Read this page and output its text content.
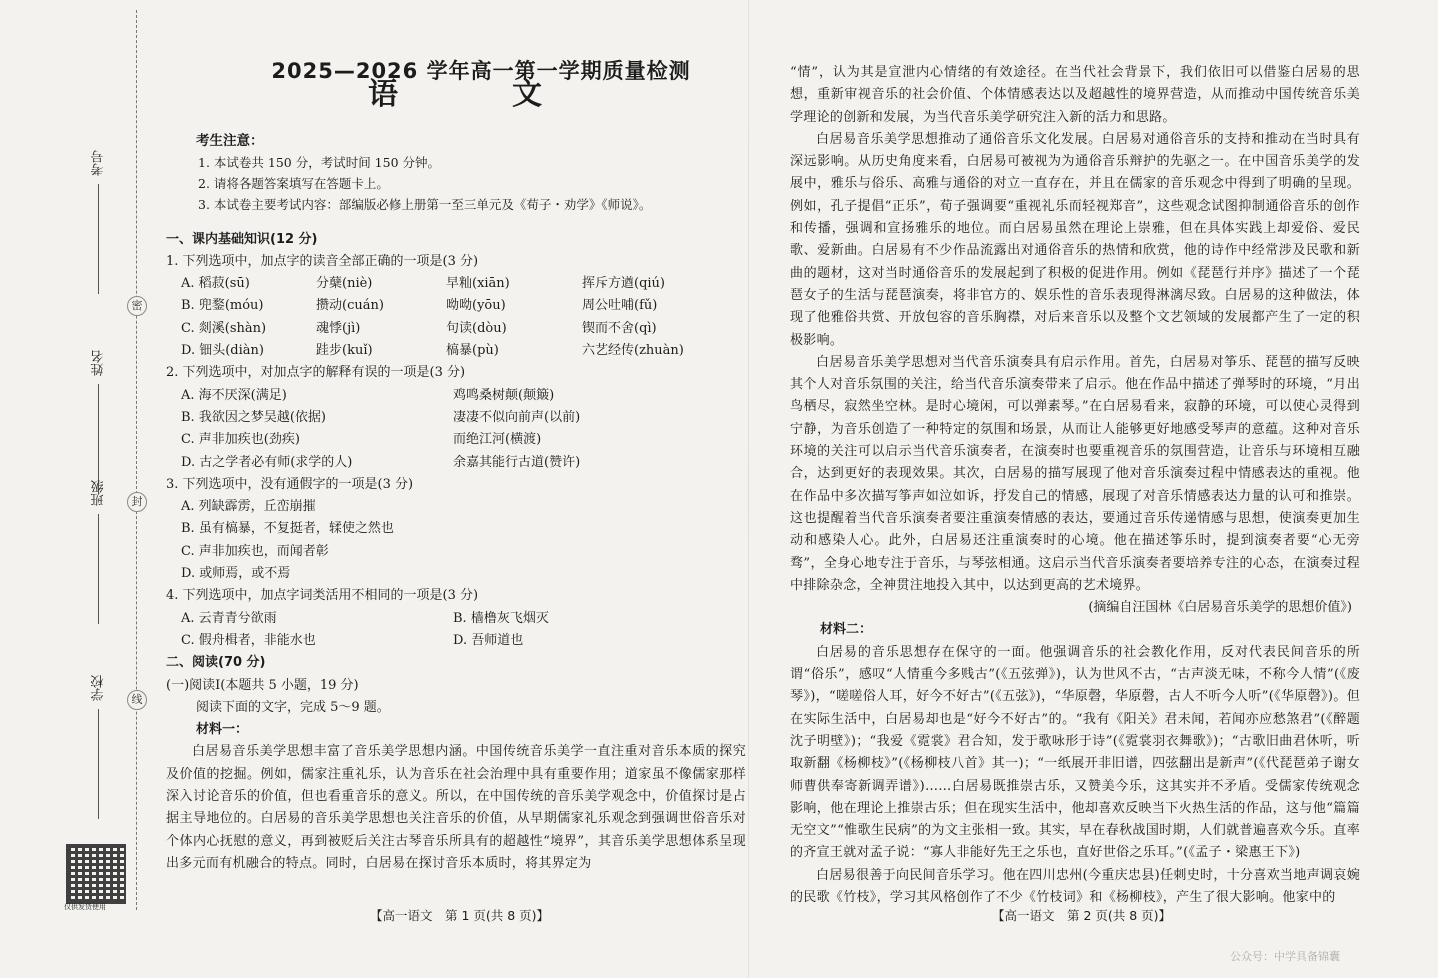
密
封
线
考号
姓名
班级
学校
仅供发货使用
2025—2026 学年高一第一学期质量检测
语　文
考生注意：
1. 本试卷共 150 分，考试时间 150 分钟。
2. 请将各题答案填写在答题卡上。
3. 本试卷主要考试内容：部编版必修上册第一至三单元及《荀子・劝学》《师说》。
一、课内基础知识(12 分)
1. 下列选项中，加点字的读音全部正确的一项是(3 分)
A. 稻菽(sū)	分蘖(niè)	早籼(xiān)	挥斥方遒(qiú)
B. 兜鍪(móu)	攒动(cuán)	呦呦(yōu)	周公吐哺(fǔ)
C. 剡溪(shàn)	魂悸(jì)	句读(dòu)	锲而不舍(qì)
D. 钿头(diàn)	跬步(kuǐ)	槁暴(pù)	六艺经传(zhuàn)
2. 下列选项中，对加点字的解释有误的一项是(3 分)
A. 海不厌深(满足)	鸡鸣桑树颠(颠簸)
B. 我欲因之梦吴越(依据)	凄凄不似向前声(以前)
C. 声非加疾也(劲疾)	而绝江河(横渡)
D. 古之学者必有师(求学的人)	余嘉其能行古道(赞许)
3. 下列选项中，没有通假字的一项是(3 分)
A. 列缺霹雳，丘峦崩摧
B. 虽有槁暴，不复挺者，𫐓使之然也
C. 声非加疾也，而闻者彰
D. 或师焉，或不焉
4. 下列选项中，加点字词类活用不相同的一项是(3 分)
A. 云青青兮欲雨	B. 樯橹灰飞烟灭
C. 假舟楫者，非能水也	D. 吾师道也
二、阅读(70 分)
(一)阅读Ⅰ(本题共 5 小题，19 分)
阅读下面的文字，完成 5～9 题。
材料一：
白居易音乐美学思想丰富了音乐美学思想内涵。中国传统音乐美学一直注重对音乐本质的探究及价值的挖掘。例如，儒家注重礼乐，认为音乐在社会治理中具有重要作用；道家虽不像儒家那样深入讨论音乐的价值，但也看重音乐的意义。所以，在中国传统的音乐美学观念中，价值探讨是占据主导地位的。白居易的音乐美学思想也关注音乐的价值，从早期儒家礼乐观念到强调世俗音乐对个体内心抚慰的意义，再到被贬后关注古琴音乐所具有的超越性“境界”，其音乐美学思想体系呈现出多元而有机融合的特点。同时，白居易在探讨音乐本质时，将其界定为
【高一语文　第 1 页(共 8 页)】
“情”，认为其是宣泄内心情绪的有效途径。在当代社会背景下，我们依旧可以借鉴白居易的思想，重新审视音乐的社会价值、个体情感表达以及超越性的境界营造，从而推动中国传统音乐美学理论的创新和发展，为当代音乐美学研究注入新的活力和思路。
白居易音乐美学思想推动了通俗音乐文化发展。白居易对通俗音乐的支持和推动在当时具有深远影响。从历史角度来看，白居易可被视为为通俗音乐辩护的先驱之一。在中国音乐美学的发展中，雅乐与俗乐、高雅与通俗的对立一直存在，并且在儒家的音乐观念中得到了明确的呈现。例如，孔子提倡“正乐”，荀子强调要“重视礼乐而轻视郑音”，这些观念试图抑制通俗音乐的创作和传播，强调和宣扬雅乐的地位。而白居易虽然在理论上崇雅，但在具体实践上却爱俗、爱民歌、爱新曲。白居易有不少作品流露出对通俗音乐的热情和欣赏，他的诗作中经常涉及民歌和新曲的题材，这对当时通俗音乐的发展起到了积极的促进作用。例如《琵琶行并序》描述了一个琵琶女子的生活与琵琶演奏，将非官方的、娱乐性的音乐表现得淋漓尽致。白居易的这种做法，体现了他雅俗共赏、开放包容的音乐胸襟，对后来音乐以及整个文艺领域的发展都产生了一定的积极影响。
白居易音乐美学思想对当代音乐演奏具有启示作用。首先，白居易对筝乐、琵琶的描写反映其个人对音乐氛围的关注，给当代音乐演奏带来了启示。他在作品中描述了弹琴时的环境，“月出鸟栖尽，寂然坐空林。是时心境闲，可以弹素琴。”在白居易看来，寂静的环境，可以使心灵得到宁静，为音乐创造了一种特定的氛围和场景，从而让人能够更好地感受琴声的意蕴。这种对音乐环境的关注可以启示当代音乐演奏者，在演奏时也要重视音乐的氛围营造，让音乐与环境相互融合，达到更好的表现效果。其次，白居易的描写展现了他对音乐演奏过程中情感表达的重视。他在作品中多次描写筝声如泣如诉，抒发自己的情感，展现了对音乐情感表达力量的认可和推崇。这也提醒着当代音乐演奏者要注重演奏情感的表达，要通过音乐传递情感与思想，使演奏更加生动和感染人心。此外，白居易还注重演奏时的心境。他在描述筝乐时，提到演奏者要“心无旁骛”，全身心地专注于音乐，与琴弦相通。这启示当代音乐演奏者要培养专注的心态，在演奏过程中排除杂念，全神贯注地投入其中，以达到更高的艺术境界。
(摘编自汪国林《白居易音乐美学的思想价值》)
材料二：
白居易的音乐思想存在保守的一面。他强调音乐的社会教化作用，反对代表民间音乐的所谓“俗乐”，感叹“人情重今多贱古”(《五弦弹》)，认为世风不古，“古声淡无味，不称今人情”(《废琴》)，“嗟嗟俗人耳，好今不好古”(《五弦》)，“华原磬，华原磬，古人不听今人听”(《华原磬》)。但在实际生活中，白居易却也是“好今不好古”的。“我有《阳关》君未闻，若闻亦应愁煞君”(《醉题沈子明壁》)；“我爱《霓裳》君合知，发于歌咏形于诗”(《霓裳羽衣舞歌》)；“古歌旧曲君休听，听取新翻《杨柳枝》”(《杨柳枝八首》其一)；“一纸展开非旧谱，四弦翻出是新声”(《代琵琶弟子谢女师曹供奉寄新调弄谱》)……白居易既推崇古乐，又赞美今乐，这其实并不矛盾。受儒家传统观念影响，他在理论上推崇古乐；但在现实生活中，他却喜欢反映当下火热生活的作品，这与他“篇篇无空文”“惟歌生民病”的为文主张相一致。其实，早在春秋战国时期，人们就普遍喜欢今乐。直率的齐宣王就对孟子说：“寡人非能好先王之乐也，直好世俗之乐耳。”(《孟子・梁惠王下》)
白居易很善于向民间音乐学习。他在四川忠州(今重庆忠县)任刺史时，十分喜欢当地声调哀婉的民歌《竹枝》，学习其风格创作了不少《竹枝词》和《杨柳枝》，产生了很大影响。他家中的
【高一语文　第 2 页(共 8 页)】
公众号：中学具备锦囊
